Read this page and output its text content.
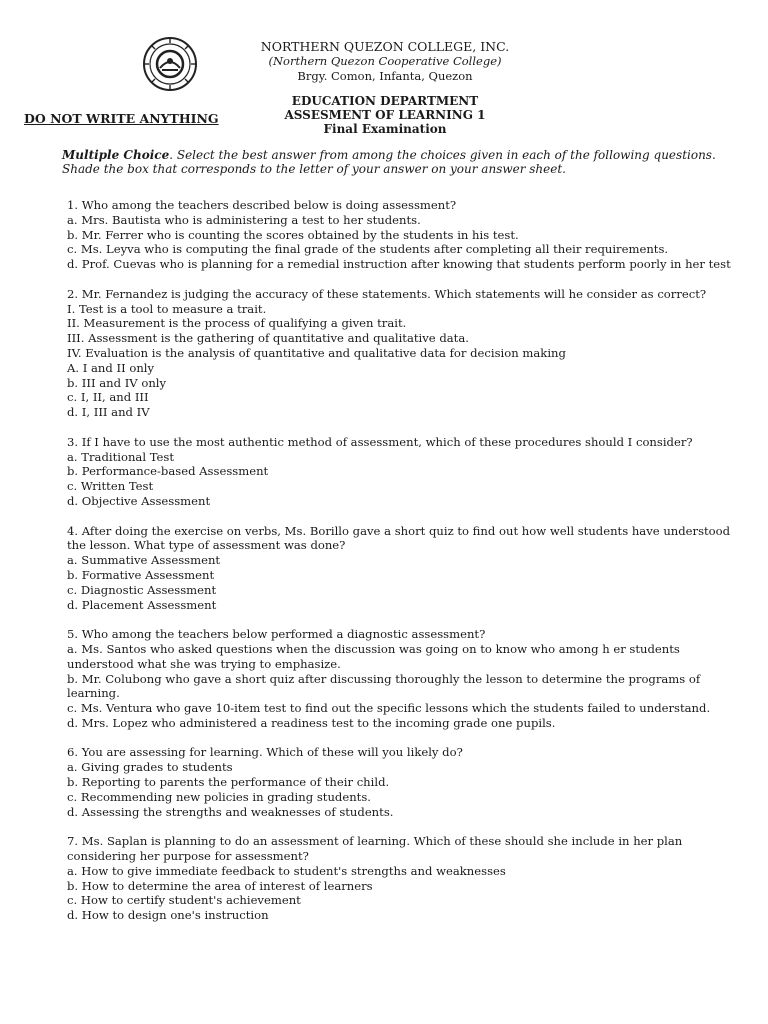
NORTHERN QUEZON COLLEGE, INC.
(Northern Quezon Cooperative College)
Brgy. Comon, Infanta, Quezon
EDUCATION DEPARTMENT
ASSESMENT OF LEARNING 1
Final Examination
DO NOT WRITE ANYTHING
Multiple Choice. Select the best answer from among the choices given in each of the following questions. Shade the box that corresponds to the letter of your answer on your answer sheet.
1. Who among the teachers described below is doing assessment?
a. Mrs. Bautista who is administering a test to her students.
b. Mr. Ferrer who is counting the scores obtained by the students in his test.
c. Ms. Leyva who is computing the final grade of the students after completing all their requirements.
d. Prof. Cuevas who is planning for a remedial instruction after knowing that students perform poorly in her test
2. Mr. Fernandez is judging the accuracy of these statements. Which statements will he consider as correct?
I. Test is a tool to measure a trait.
II. Measurement is the process of qualifying a given trait.
III. Assessment is the gathering of quantitative and qualitative data.
IV. Evaluation is the analysis of quantitative and qualitative data for decision making
A. I and II only
b. III and IV only
c. I, II, and III
d. I, III and IV
3. If I have to use the most authentic method of assessment, which of these procedures should I consider?
a. Traditional Test
b. Performance-based Assessment
c. Written Test
d. Objective Assessment
4. After doing the exercise on verbs, Ms. Borillo gave a short quiz to find out how well students have understood the lesson. What type of assessment was done?
a. Summative Assessment
b. Formative Assessment
c. Diagnostic Assessment
d. Placement Assessment
5. Who among the teachers below performed a diagnostic assessment?
a. Ms. Santos who asked questions when the discussion was going on to know who among h er students understood what she was trying to emphasize.
b. Mr. Colubong who gave a short quiz after discussing thoroughly the lesson to determine the programs of learning.
c. Ms. Ventura who gave 10-item test to find out the specific lessons which the students failed to understand.
d. Mrs. Lopez who administered a readiness test to the incoming grade one pupils.
6. You are assessing for learning. Which of these will you likely do?
a. Giving grades to students
b. Reporting to parents the performance of their child.
c. Recommending new policies in grading students.
d. Assessing the strengths and weaknesses of students.
7. Ms. Saplan is planning to do an assessment of learning. Which of these should she include in her plan considering her purpose for assessment?
a. How to give immediate feedback to student's strengths and weaknesses
b. How to determine the area of interest of learners
c. How to certify student's achievement
d. How to design one's instruction
